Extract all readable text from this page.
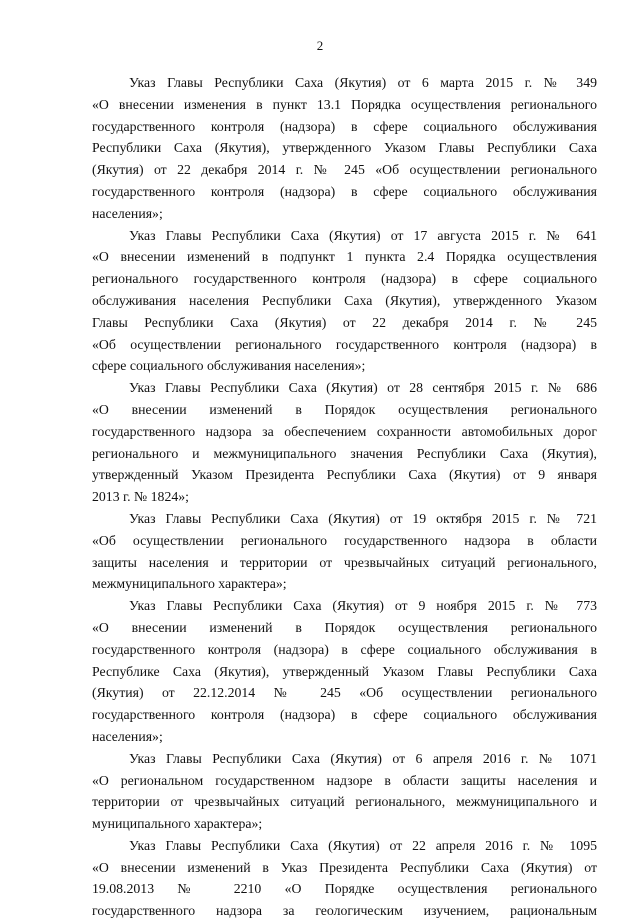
2
Указ Главы Республики Саха (Якутия) от 6 марта 2015 г. № 349
«О внесении изменения в пункт 13.1 Порядка осуществления регионального
государственного контроля (надзора) в сфере социального обслуживания
Республики Саха (Якутия), утвержденного Указом Главы Республики Саха
(Якутия) от 22 декабря 2014 г. № 245 «Об осуществлении регионального
государственного контроля (надзора) в сфере социального обслуживания
населения»;
Указ Главы Республики Саха (Якутия) от 17 августа 2015 г. № 641
«О внесении изменений в подпункт 1 пункта 2.4 Порядка осуществления
регионального государственного контроля (надзора) в сфере социального
обслуживания населения Республики Саха (Якутия), утвержденного Указом
Главы Республики Саха (Якутия) от 22 декабря 2014 г. № 245
«Об осуществлении регионального государственного контроля (надзора) в
сфере социального обслуживания населения»;
Указ Главы Республики Саха (Якутия) от 28 сентября 2015 г. № 686
«О внесении изменений в Порядок осуществления регионального
государственного надзора за обеспечением сохранности автомобильных дорог
регионального и межмуниципального значения Республики Саха (Якутия),
утвержденный Указом Президента Республики Саха (Якутия) от 9 января
2013 г. № 1824»;
Указ Главы Республики Саха (Якутия) от 19 октября 2015 г. № 721
«Об осуществлении регионального государственного надзора в области
защиты населения и территории от чрезвычайных ситуаций регионального,
межмуниципального характера»;
Указ Главы Республики Саха (Якутия) от 9 ноября 2015 г. № 773
«О внесении изменений в Порядок осуществления регионального
государственного контроля (надзора) в сфере социального обслуживания в
Республике Саха (Якутия), утвержденный Указом Главы Республики Саха
(Якутия) от 22.12.2014 № 245 «Об осуществлении регионального
государственного контроля (надзора) в сфере социального обслуживания
населения»;
Указ Главы Республики Саха (Якутия) от 6 апреля 2016 г. № 1071
«О региональном государственном надзоре в области защиты населения и
территории от чрезвычайных ситуаций регионального, межмуниципального и
муниципального характера»;
Указ Главы Республики Саха (Якутия) от 22 апреля 2016 г. № 1095
«О внесении изменений в Указ Президента Республики Саха (Якутия) от
19.08.2013 № 2210 «О Порядке осуществления регионального
государственного надзора за геологическим изучением, рациональным
